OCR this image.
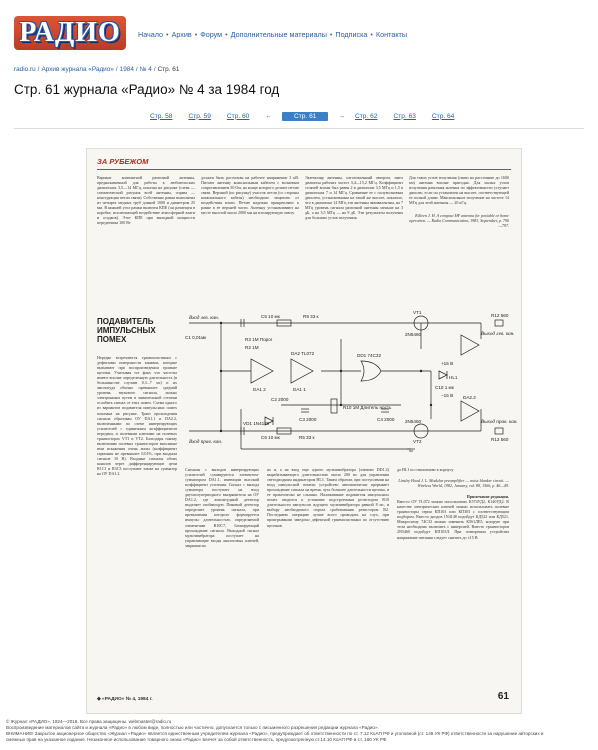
РАДИО Начало • Архив • Форум • Дополнительные материалы • Подписка • Контакты
radio.ru / Архив журнала «Радио» / 1984 / № 4 / Стр. 61
Стр. 61 журнала «Радио» № 4 за 1984 год
Стр. 58 Стр. 59 Стр. 60 ←	Стр. 61	→ Стр. 62 Стр. 63 Стр. 64
ЗА РУБЕЖОМ

Вариант компактной рамочной антенны, предназначенной для работы в любительских диапазонах 3,5—14 МГц, показан на рисунке (слева — схематический рисунок всей антенны, справа — конструкция петли связи). Собственно рамка выполнена из четырех медных труб длиной 1000 и диаметром 25 мм. В нижней угол рамки включен КПЕ (он размещен в коробке, исключающей воздействие атмосферной влаги и осадков). Этот КПЕ при выходной мощности передатчика 100 Вт

должен быть рассчитан на рабочее напряжение 3 кВ. Питают антенну коаксиальным кабелем с волновым сопротивлением 50 Ом, на конце которого делают петлю связи. Верхний (по рисунку) участок петли (со стороны коаксиального кабеля) необходимо защитить от воздействия влаги. Петлю надежно прикрепляют к рамке в ее верхней части. Антенну устанавливают на месте высотой около 2000 мм на изолирующую мачту.

Экземпляр антенны, изготовленный автором, имел диапазон рабочих частот 3,4—15,2 МГц. Коэффициент стоячей волны был равен 2 в диапазоне 3,5 МГц и 1,5 в диапазонах 7 и 14 МГц. Сравнение ее с полуволновым диполем, установленным на такой же высоте, показало, что в диапазоне 14 МГц эти антенны эквивалентны, на 7 МГц уровень сигнала рамочной антенны меньше на 3 дБ, а на 3,5 МГц — на 9 дБ. Эти результаты получены для больших углов излучения.

Для таких углов излучения (связи на расстояние до 1600 км) антенна вполне пригодна. Для малых углов излучения рамочная антенна по эффективности уступает диполю, если он установлен на высоте, соответствующей ее полной длине. Максимальное излучение на частоте 14 МГц для этой антенны — 20 кГц.

Killeen J. H. A compact HF antenna for portable or home operation. — Radio Communication, 1983, September, p. 796—797.

ПОДАВИТЕЛЬ
ИМПУЛЬСНЫХ
ПОМЕХ
Вход лев. кан.
C1 0,01мк
C5 10 мк	R9 33 к
VT1
2N5460
R3 1М Порог
R2 1М
DA1 2	DA1 1
DA2 TL072	DD1 74C32
Выход лев. кан.
R12 560
C2 2000
C3 2000	C4 2000
R10 1М Длитель ность
VD1 1N4148
C10 1 мк
HL1
+15 В
−15 В
Вход прав. кан.
C6 10 мк	R5 33 к
VT2
2N5460
DA2.2
Выход прав. кан.
R13 560

Нередко встречаются граммпластинки с дефектами поверхности канавок, которые вызывают при воспроизведении громкие щелчки. Учитывая тот факт, что частоты имеют вполне определенную длительность (в большинстве случаев 0,3...7 мс) и их амплитуда обычно превышает средний уровень звукового сигнала, можно электронным путем в значительной степени ослабить сигнал от этих помех. Схема одного из вариантов подавителя импульсных помех показана на рисунке. Тракт прохождения сигнала образован ОУ DA1.1 и DA2.2, включенными по схеме инвертирующих усилителей с единичным коэффициентом передачи, и полевыми ключами на полевых транзисторах VT1 и VT2. Благодаря такому включению полевых транзисторов вносимые ими искажения очень малы (коэффициент гармоник не превышает 0,01%, при входном сигнале 10 В). Входные сигналы обоих каналов через дифференцирующие цепи R1C1 и R3C3 поступают также на сумматор на ОУ DA1.2.

Сигналы с выходов инвертирующих усилителей суммируются элементом-сумматором DA1.1, имеющим высокий коэффициент усиления. Сигнал с выхода сумматора поступает на вход двухполупериодного выпрямителя на ОУ DA1.2, где амплитудный детектор выделяет огибающую. Пиковый детектор определяет уровень сигнала, при превышении которого формируется импульс длительностью, определяемой элементами R10C7, блокирующий прохождение сигнала. Выходной сигнал мультивибратора поступает на управляющие входы аналоговых ключей, закрывая их.

ях и, а на вход еще одного мультивибратора (элемент DD1.2) вырабатывающего длительностью около 200 мс для управления светодиодным индикатором HL1. Таким образом, при поступлении на вход импульсной помехи устройство автоматически прерывает прохождение сигнала на время, чуть большее длительности щелчка, и ее практически не слышно. Налаживание подавителя импульсных помех сводится к установке подстроечным резистором R10 длительности импульсов ждущего мультивибратора равной 8 мс, и выбору необходимого порога срабатывания резистором R2. Последнюю операцию лучше всего проводить на слух, при проигрывании заведомо дефектной граммпластинки по отсутствию щелчков.

да HL1 по отношению к корпусу.

Linsley Hood J. L. Modular preamplifier — noise blanker circuit. — Wireless World, 1982, January, vol. 88, 1566, p. 46—49.

Примечание редакции.

Вместо ОУ TL072 можно использовать К574УД2, К140УД2. В качестве электрических ключей можно использовать полевые транзисторы серии КП103 или КП303 с соответствующим подбором. Вместо диодов 1N4148 подойдут КД522 или КД521. Микросхему 74С32 можно заменить К561ЛЕ5, которую при этом необходимо включить с инверсией. Вместо транзисторов 2N5460 подойдут КП103Л. При повторении устройства напряжение питания следует снизить до ±15 В.

◆ «РАДИО» № 4, 1984 г.	61
© Журнал «РАДИО», 1924—2018. Все права защищены. webmaster@radio.ru
Воспроизведение материалов сайта и журнала «Радио» в любом виде, полностью или частично, допускается только с письменного разрешения редакции журнала «Радио».
ВНИМАНИЕ! Закрытое акционерное общество «Журнал «Радио» является единственным учредителем журнала «Радио», предупреждает об ответственности по ст. 7.12 КоАП РФ и уголовной (ст. 146 УК РФ) ответственности за нарушение авторских и
смежных прав на указанное издание. Незаконное использование товарного знака «Радио» влечет за собой ответственность, предусмотренную ст.14.10 КоАП РФ и ст. 180 УК РФ.
